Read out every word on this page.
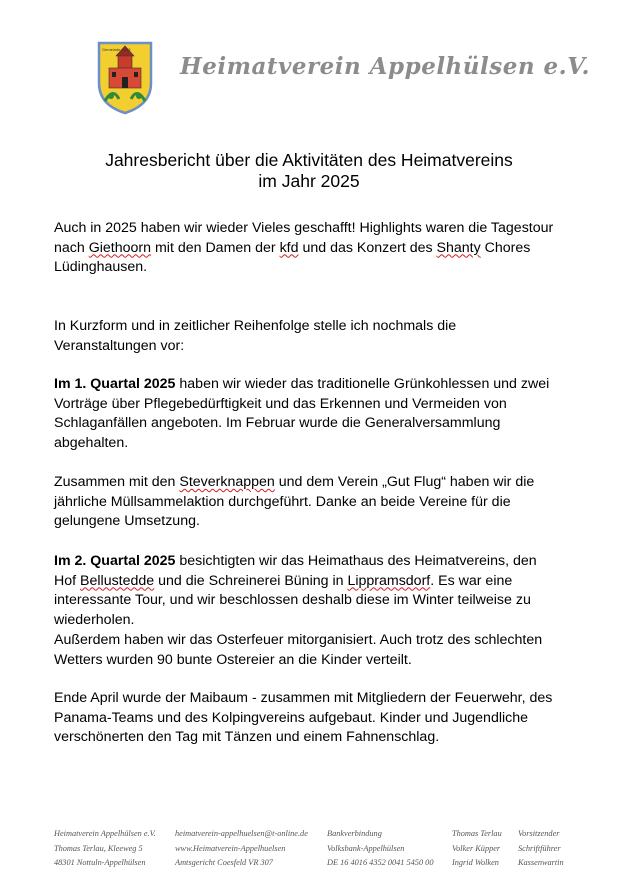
Gemeinde 1883
Heimatverein Appelhülsen e.V.
Jahresbericht über die Aktivitäten des Heimatvereins
im Jahr 2025
Auch in 2025 haben wir wieder Vieles geschafft! Highlights waren die Tagestour
nach Giethoorn mit den Damen der kfd und das Konzert des Shanty Chores
Lüdinghausen.
In Kurzform und in zeitlicher Reihenfolge stelle ich nochmals die
Veranstaltungen vor:
Im 1. Quartal 2025 haben wir wieder das traditionelle Grünkohlessen und zwei
Vorträge über Pflegebedürftigkeit und das Erkennen und Vermeiden von
Schlaganfällen angeboten. Im Februar wurde die Generalversammlung
abgehalten.
Zusammen mit den Steverknappen und dem Verein „Gut Flug“ haben wir die
jährliche Müllsammelaktion durchgeführt. Danke an beide Vereine für die
gelungene Umsetzung.
Im 2. Quartal 2025 besichtigten wir das Heimathaus des Heimatvereins, den
Hof Bellustedde und die Schreinerei Büning in Lippramsdorf. Es war eine
interessante Tour, und wir beschlossen deshalb diese im Winter teilweise zu
wiederholen.
Außerdem haben wir das Osterfeuer mitorganisiert. Auch trotz des schlechten
Wetters wurden 90 bunte Ostereier an die Kinder verteilt.
Ende April wurde der Maibaum - zusammen mit Mitgliedern der Feuerwehr, des
Panama-Teams und des Kolpingvereins aufgebaut. Kinder und Jugendliche
verschönerten den Tag mit Tänzen und einem Fahnenschlag.
Heimatverein Appelhülsen e.V.
Thomas Terlau, Kleeweg 5
48301 Nottuln-Appelhülsen
heimatverein-appelhuelsen@t-online.de
www.Heimatverein-Appelhuelsen
Amtsgericht Coesfeld VR 307
Bankverbindung
Volksbank-Appelhülsen
DE 16 4016 4352 0041 5450 00
Thomas Terlau
Volker Küpper
Ingrid Wolken
Vorsitzender
Schriftführer
Kassenwartin
